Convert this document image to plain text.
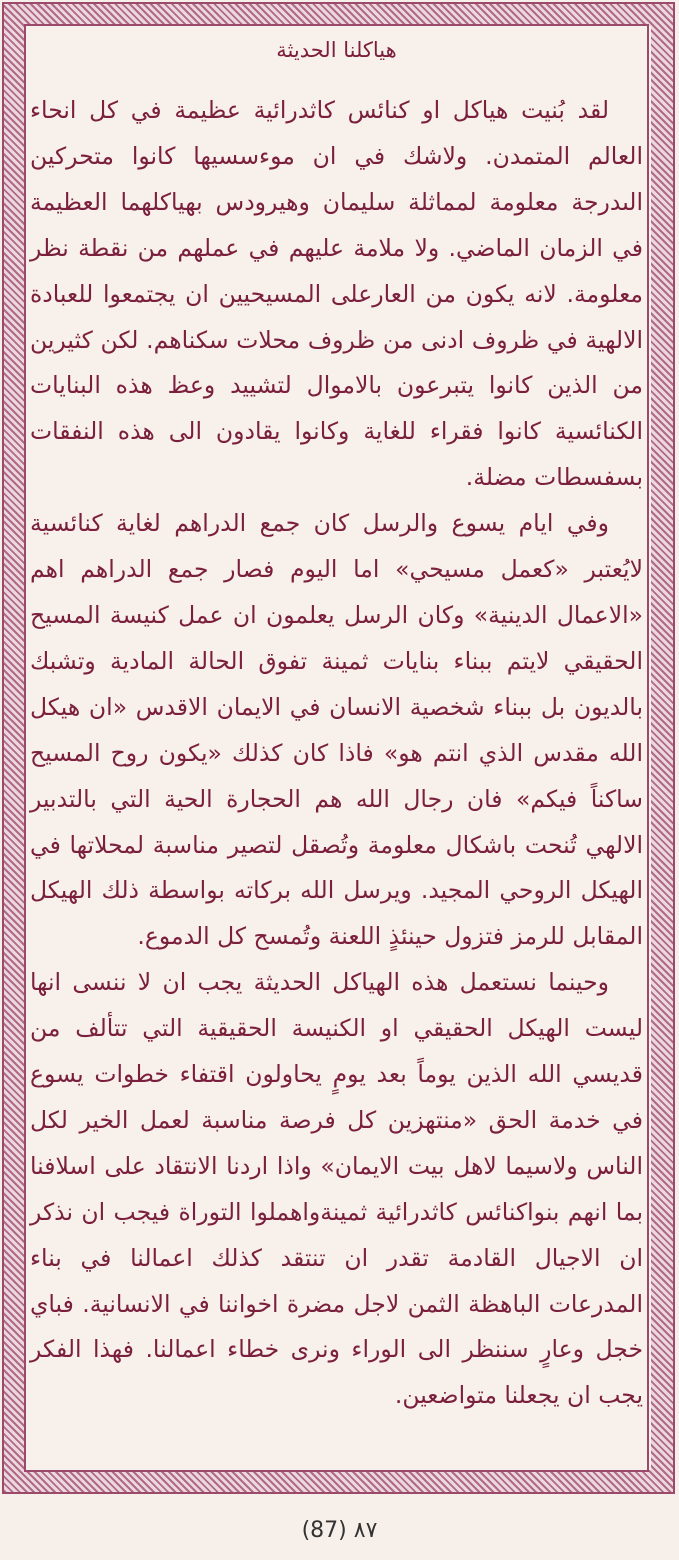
هياكلنا الحديثة

لقد بُنيت هياكل او كنائس كاثدرائية عظيمة في كل انحاء العالم المتمدن. ولاشك في ان موءسسيها كانوا متحركين الىدرجة معلومة لمماثلة سليمان وهيرودس بهياكلهما العظيمة في الزمان الماضي. ولا ملامة عليهم في عملهم من نقطة نظر معلومة. لانه يكون من العارعلى المسيحيين ان يجتمعوا للعبادة الالهية في ظروف ادنى من ظروف محلات سكناهم. لكن كثيرين من الذين كانوا يتبرعون بالاموال لتشييد وعظ هذه البنايات الكنائسية كانوا فقراء للغاية وكانوا يقادون الى هذه النفقات بسفسطات مضلة.

وفي ايام يسوع والرسل كان جمع الدراهم لغاية كنائسية لايُعتبر «كعمل مسيحي» اما اليوم فصار جمع الدراهم اهم «الاعمال الدينية» وكان الرسل يعلمون ان عمل كنيسة المسيح الحقيقي لايتم ببناء بنايات ثمينة تفوق الحالة المادية وتشبك بالديون بل ببناء شخصية الانسان في الايمان الاقدس «ان هيكل الله مقدس الذي انتم هو» فاذا كان كذلك «يكون روح المسيح ساكناً فيكم» فان رجال الله هم الحجارة الحية التي بالتدبير الالهي تُنحت باشكال معلومة وتُصقل لتصير مناسبة لمحلاتها في الهيكل الروحي المجيد. ويرسل الله بركاته بواسطة ذلك الهيكل المقابل للرمز فتزول حينئذٍ اللعنة وتُمسح كل الدموع.

وحينما نستعمل هذه الهياكل الحديثة يجب ان لا ننسى انها ليست الهيكل الحقيقي او الكنيسة الحقيقية التي تتألف من قديسي الله الذين يوماً بعد يومٍ يحاولون اقتفاء خطوات يسوع في خدمة الحق «منتهزين كل فرصة مناسبة لعمل الخير لكل الناس ولاسيما لاهل بيت الايمان» واذا اردنا الانتقاد على اسلافنا بما انهم بنواكنائس كاثدرائية ثمينةواهملوا التوراة فيجب ان نذكر ان الاجيال القادمة تقدر ان تنتقد كذلك اعمالنا في بناء المدرعات الباهظة الثمن لاجل مضرة اخواننا في الانسانية. فباي خجل وعارٍ سننظر الى الوراء ونرى خطاء اعمالنا. فهذا الفكر يجب ان يجعلنا متواضعين.

(87) ٨٧
